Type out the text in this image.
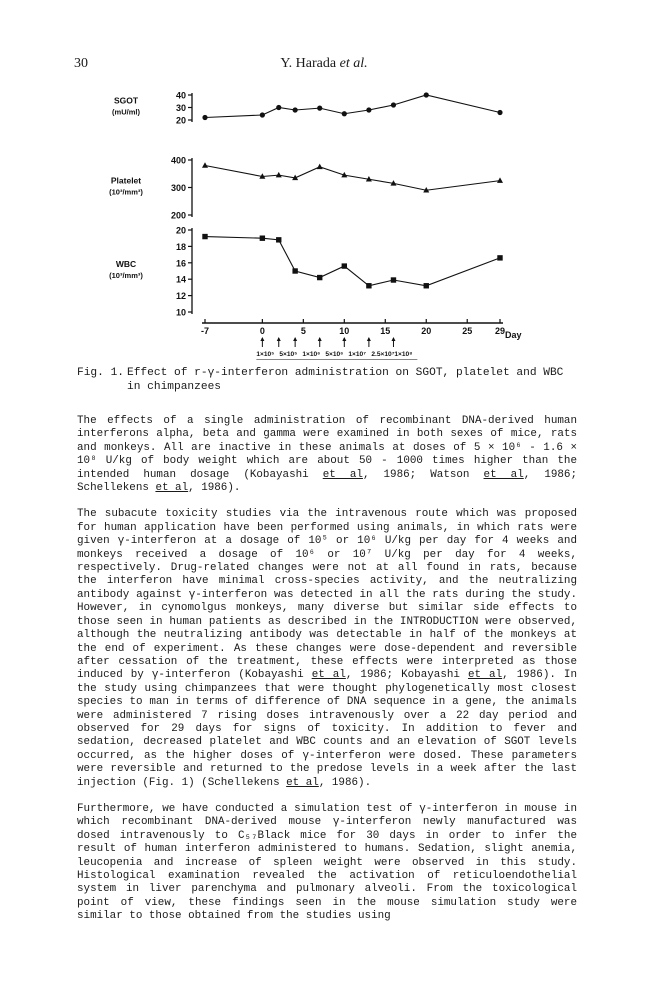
30	Y. Harada et al.
20
30
40
SGOT
(mU/ml)
200
300
400
Platelet
(10³/mm³)
10
12
14
16
18
20
WBC
(10³/mm³)
-7	0	5	10	15	20	25	29 Day
1×10⁵ 5×10⁵ 1×10⁶ 5×10⁶ 1×10⁷ 2.5×10⁷ 1×10⁸
Fig. 1. Effect of r-γ-interferon administration on SGOT, platelet and WBC in chimpanzees

The effects of a single administration of recombinant DNA-derived human interferons alpha, beta and gamma were examined in both sexes of mice, rats and monkeys. All are inactive in these animals at doses of 5 × 10⁶ - 1.6 × 10⁸ U/kg of body weight which are about 50 - 1000 times higher than the intended human dosage (Kobayashi et al, 1986; Watson et al, 1986; Schellekens et al, 1986).

The subacute toxicity studies via the intravenous route which was proposed for human application have been performed using animals, in which rats were given γ-interferon at a dosage of 10⁵ or 10⁶ U/kg per day for 4 weeks and monkeys received a dosage of 10⁶ or 10⁷ U/kg per day for 4 weeks, respectively. Drug-related changes were not at all found in rats, because the interferon have minimal cross-species activity, and the neutralizing antibody against γ-interferon was detected in all the rats during the study. However, in cynomolgus monkeys, many diverse but similar side effects to those seen in human patients as described in the INTRODUCTION were observed, although the neutralizing antibody was detectable in half of the monkeys at the end of experiment. As these changes were dose-dependent and reversible after cessation of the treatment, these effects were interpreted as those induced by γ-interferon (Kobayashi et al, 1986; Kobayashi et al, 1986). In the study using chimpanzees that were thought phylogenetically most closest species to man in terms of difference of DNA sequence in a gene, the animals were administered 7 rising doses intravenously over a 22 day period and observed for 29 days for signs of toxicity. In addition to fever and sedation, decreased platelet and WBC counts and an elevation of SGOT levels occurred, as the higher doses of γ-interferon were dosed. These parameters were reversible and returned to the predose levels in a week after the last injection (Fig. 1) (Schellekens et al, 1986).

Furthermore, we have conducted a simulation test of γ-interferon in mouse in which recombinant DNA-derived mouse γ-interferon newly manufactured was dosed intravenously to C₅₇Black mice for 30 days in order to infer the result of human interferon administered to humans. Sedation, slight anemia, leucopenia and increase of spleen weight were observed in this study. Histological examination revealed the activation of reticuloendothelial system in liver parenchyma and pulmonary alveoli. From the toxicological point of view, these findings seen in the mouse simulation study were similar to those obtained from the studies using
